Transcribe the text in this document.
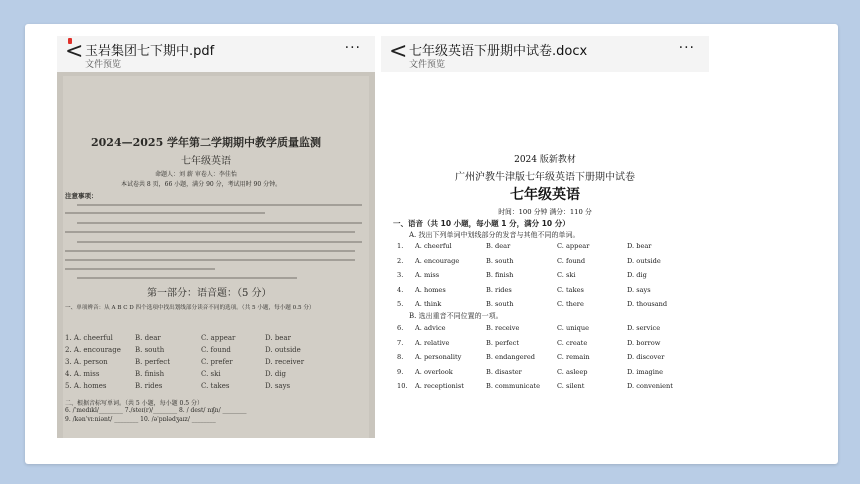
< 玉岩集团七下期中.pdf
文件预览
···
2024—2025 学年第二学期期中教学质量监测
七年级英语
命题人：刘 薪 审卷人：李佳怡
本试卷共 8 页，66 小题，满分 90 分，考试用时 90 分钟。
注意事项：
第一部分：语音题：（5 分）
一、单项辨音：从 A B C D 四个选项中找出划线部分读音不同的选项。（共 5 小题，每小题 0.5 分）
1. A. cheerful	B. dear	C. appear	D. bear
2. A. encourage B. south	C. found	D. outside
3. A. person	B. perfect	C. prefer	D. receiver
4. A. miss	B. finish	C. ski	D. dig
5. A. homes	B. rides	C. takes	D. says
二、根据音标写单词。（共 5 小题，每小题 0.5 分）
6. /ˈmedɪkl/________ 7./steɪ(r)/________ 8. / dest/ nɪʃn/ ________
9. /kənˈvɪːniənt/ ________ 10. /əˈpɒlədʒaɪz/ ________
< 七年级英语下册期中试卷.docx
文件预览
···
2024 版新教材
广州沪教牛津版七年级英语下册期中试卷
七年级英语
时间：100 分钟 满分：110 分
一、语音（共 10 小题，每小题 1 分，满分 10 分）
A. 找出下列单词中划线部分的发音与其他不同的单词。
1. A. cheerful	B. dear	C. appear	D. bear
2. A. encourage	B. south	C. found	D. outside
3. A. miss	B. finish	C. ski	D. dig
4. A. homes	B. rides	C. takes	D. says
5. A. think	B. south	C. there	D. thousand
B. 选出重音不同位置的一项。
6. A. advice	B. receive	C. unique	D. service
7. A. relative	B. perfect	C. create	D. borrow
8. A. personality	B. endangered	C. remain	D. discover
9. A. overlook	B. disaster	C. asleep	D. imagine
10. A. receptionist	B. communicate	C. silent	D. convenient
